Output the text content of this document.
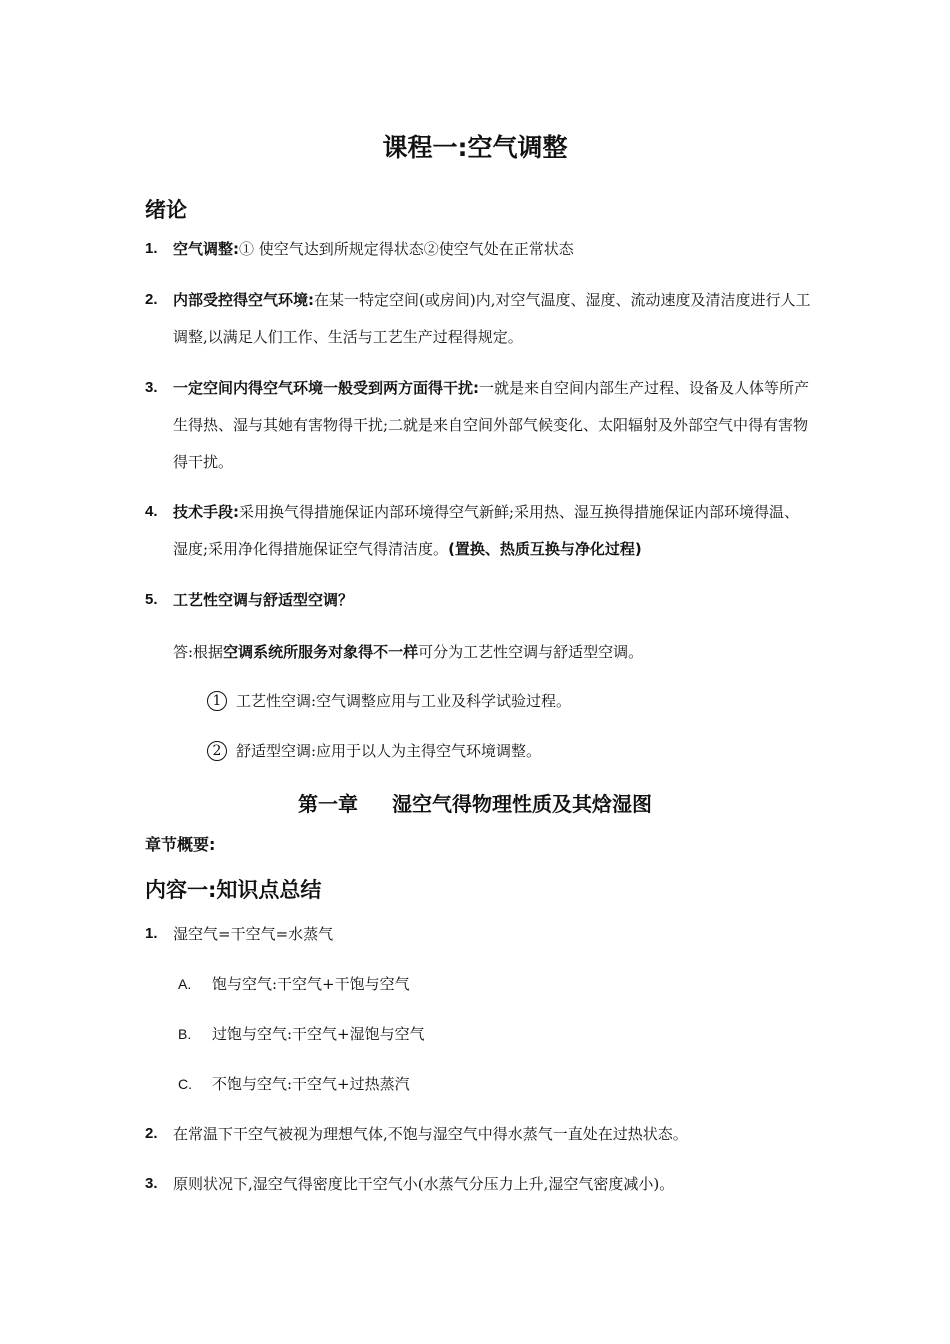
课程一:空气调整
绪论
1. 空气调整:① 使空气达到所规定得状态②使空气处在正常状态
2. 内部受控得空气环境:在某一特定空间(或房间)内,对空气温度、湿度、流动速度及清洁度进行人工调整,以满足人们工作、生活与工艺生产过程得规定。
3. 一定空间内得空气环境一般受到两方面得干扰:一就是来自空间内部生产过程、设备及人体等所产生得热、湿与其她有害物得干扰;二就是来自空间外部气候变化、太阳辐射及外部空气中得有害物得干扰。
4. 技术手段:采用换气得措施保证内部环境得空气新鲜;采用热、湿互换得措施保证内部环境得温、湿度;采用净化得措施保证空气得清洁度。(置换、热质互换与净化过程)
5. 工艺性空调与舒适型空调？
答:根据空调系统所服务对象得不一样可分为工艺性空调与舒适型空调。
1 工艺性空调:空气调整应用与工业及科学试验过程。
2 舒适型空调:应用于以人为主得空气环境调整。
第一章 湿空气得物理性质及其焓湿图
章节概要:
内容一:知识点总结
1. 湿空气=干空气=水蒸气
A. 饱与空气:干空气+干饱与空气
B. 过饱与空气:干空气+湿饱与空气
C. 不饱与空气:干空气+过热蒸汽
2. 在常温下干空气被视为理想气体,不饱与湿空气中得水蒸气一直处在过热状态。
3. 原则状况下,湿空气得密度比干空气小(水蒸气分压力上升,湿空气密度减小)。
